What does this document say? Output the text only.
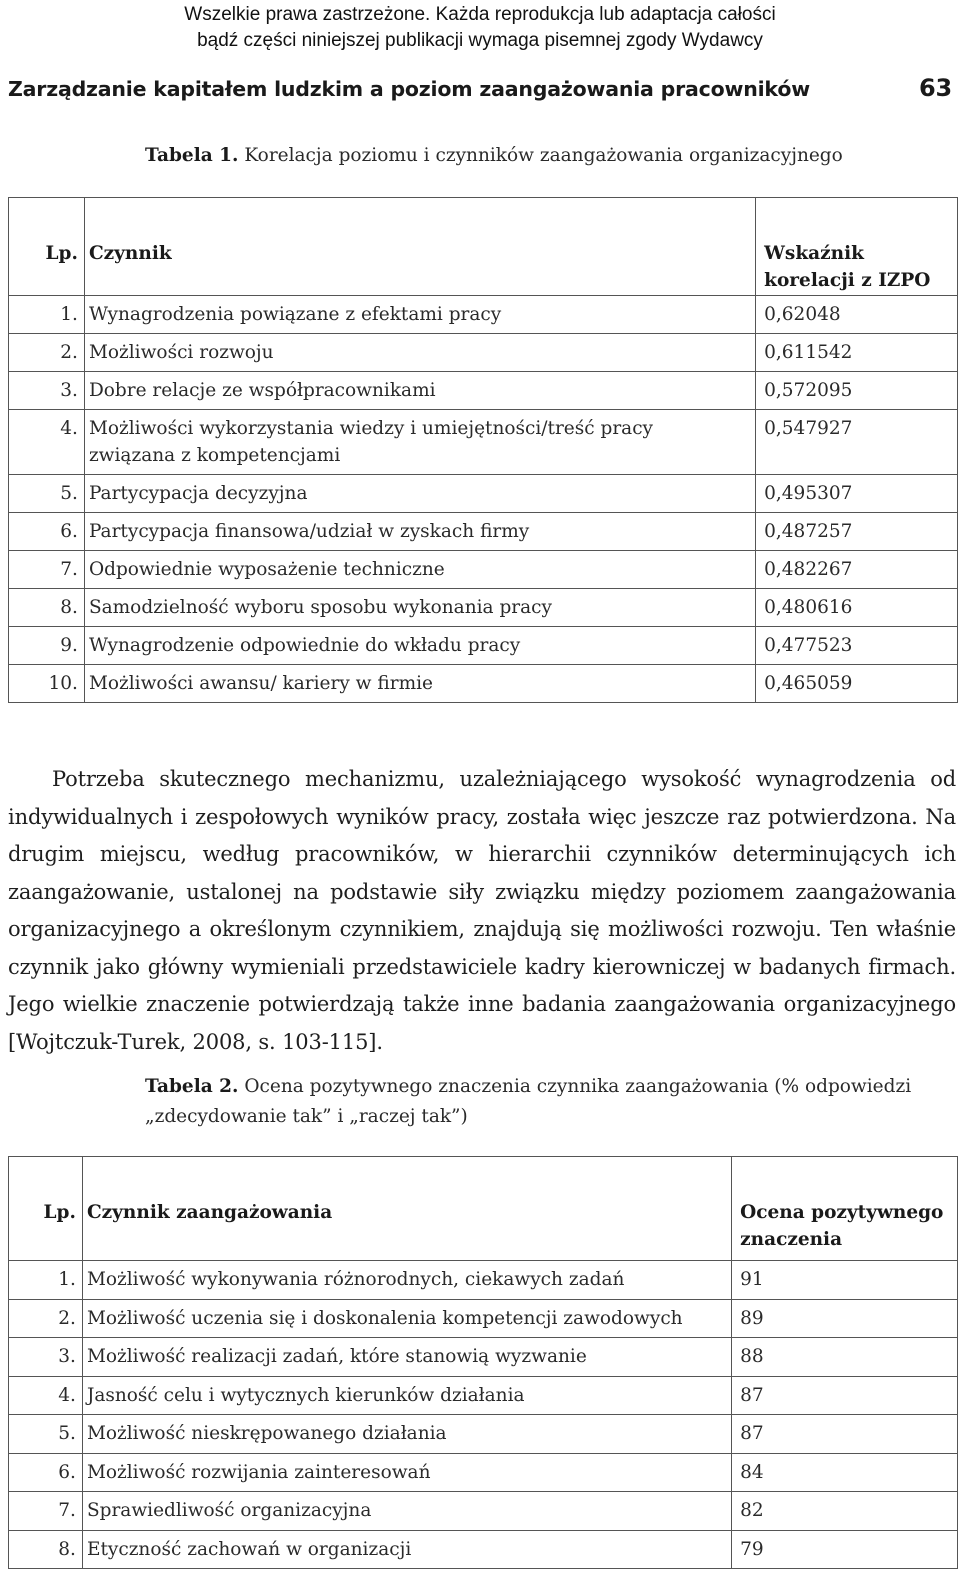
Wszelkie prawa zastrzeżone. Każda reprodukcja lub adaptacja całości
bądź części niniejszej publikacji wymaga pisemnej zgody Wydawcy
Zarządzanie kapitałem ludzkim a poziom zaangażowania pracowników	63
Tabela 1. Korelacja poziomu i czynników zaangażowania organizacyjnego
Lp.	Czynnik	Wskaźnik korelacji z IZPO
1.	Wynagrodzenia powiązane z efektami pracy	0,62048
2.	Możliwości rozwoju	0,611542
3.	Dobre relacje ze współpracownikami	0,572095
4.	Możliwości wykorzystania wiedzy i umiejętności/treść pracy związana z kompetencjami	0,547927
5.	Partycypacja decyzyjna	0,495307
6.	Partycypacja finansowa/udział w zyskach firmy	0,487257
7.	Odpowiednie wyposażenie techniczne	0,482267
8.	Samodzielność wyboru sposobu wykonania pracy	0,480616
9.	Wynagrodzenie odpowiednie do wkładu pracy	0,477523
10.	Możliwości awansu/ kariery w firmie	0,465059

Potrzeba skutecznego mechanizmu, uzależniającego wysokość wynagrodzenia od indywidualnych i zespołowych wyników pracy, została więc jeszcze raz potwierdzona. Na drugim miejscu, według pracowników, w hierarchii czynników determinujących ich zaangażowanie, ustalonej na podstawie siły związku między poziomem zaangażowania organizacyjnego a określonym czynnikiem, znajdują się możliwości rozwoju. Ten właśnie czynnik jako główny wymieniali przedstawiciele kadry kierowniczej w badanych firmach. Jego wielkie znaczenie potwierdzają także inne badania zaangażowania organizacyjnego [Wojtczuk-Turek, 2008, s. 103-115].

Tabela 2. Ocena pozytywnego znaczenia czynnika zaangażowania (% odpowiedzi „zdecydowanie tak” i „raczej tak”)
Lp.	Czynnik zaangażowania	Ocena pozytywnego znaczenia
1.	Możliwość wykonywania różnorodnych, ciekawych zadań	91
2.	Możliwość uczenia się i doskonalenia kompetencji zawodowych	89
3.	Możliwość realizacji zadań, które stanowią wyzwanie	88
4.	Jasność celu i wytycznych kierunków działania	87
5.	Możliwość nieskrępowanego działania	87
6.	Możliwość rozwijania zainteresowań	84
7.	Sprawiedliwość organizacyjna	82
8.	Etyczność zachowań w organizacji	79
